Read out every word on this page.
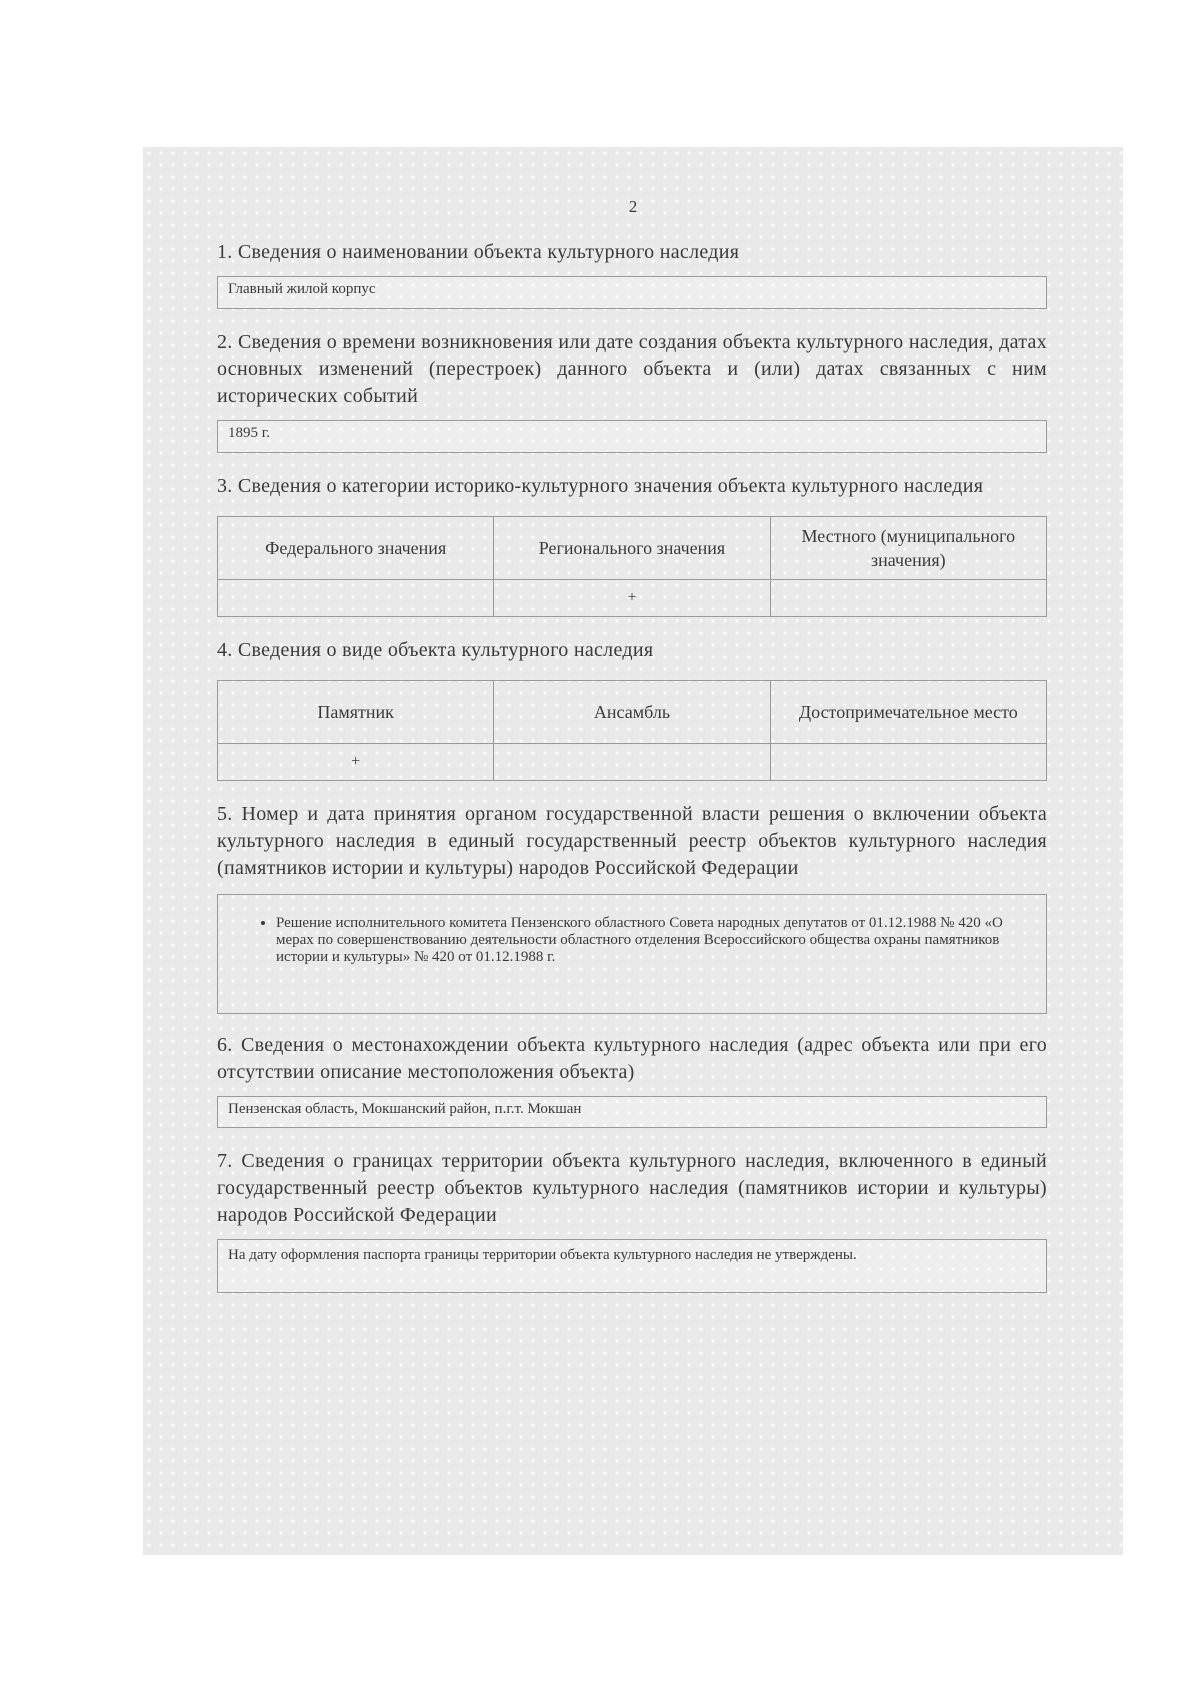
2

1. Сведения о наименовании объекта культурного наследия

Главный жилой корпус

2. Сведения о времени возникновения или дате создания объекта культурного наследия, датах основных изменений (перестроек) данного объекта и (или) датах связанных с ним исторических событий

1895 г.

3. Сведения о категории историко-культурного значения объекта культурного наследия

Федерального значения	Регионального значения	Местного (муниципального значения)
	+	

4. Сведения о виде объекта культурного наследия

Памятник	Ансамбль	Достопримечательное место
+		

5. Номер и дата принятия органом государственной власти решения о включении объекта культурного наследия в единый государственный реестр объектов культурного наследия (памятников истории и культуры) народов Российской Федерации

• Решение исполнительного комитета Пензенского областного Совета народных депутатов от 01.12.1988 № 420 «О мерах по совершенствованию деятельности областного отделения Всероссийского общества охраны памятников истории и культуры» № 420 от 01.12.1988 г.

6. Сведения о местонахождении объекта культурного наследия (адрес объекта или при его отсутствии описание местоположения объекта)

Пензенская область, Мокшанский район, п.г.т. Мокшан

7. Сведения о границах территории объекта культурного наследия, включенного в единый государственный реестр объектов культурного наследия (памятников истории и культуры) народов Российской Федерации

На дату оформления паспорта границы территории объекта культурного наследия не утверждены.
